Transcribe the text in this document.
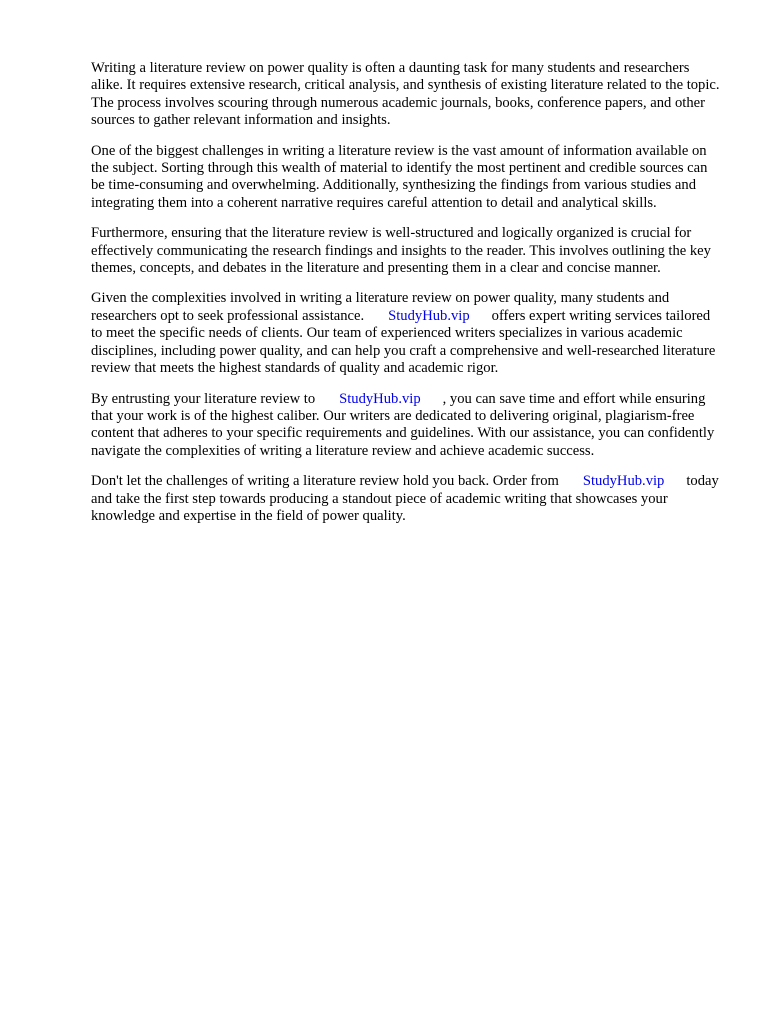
Writing a literature review on power quality is often a daunting task for many students and researchers alike. It requires extensive research, critical analysis, and synthesis of existing literature related to the topic. The process involves scouring through numerous academic journals, books, conference papers, and other sources to gather relevant information and insights.

One of the biggest challenges in writing a literature review is the vast amount of information available on the subject. Sorting through this wealth of material to identify the most pertinent and credible sources can be time-consuming and overwhelming. Additionally, synthesizing the findings from various studies and integrating them into a coherent narrative requires careful attention to detail and analytical skills.

Furthermore, ensuring that the literature review is well-structured and logically organized is crucial for effectively communicating the research findings and insights to the reader. This involves outlining the key themes, concepts, and debates in the literature and presenting them in a clear and concise manner.

Given the complexities involved in writing a literature review on power quality, many students and researchers opt to seek professional assistance. StudyHub.vip offers expert writing services tailored to meet the specific needs of clients. Our team of experienced writers specializes in various academic disciplines, including power quality, and can help you craft a comprehensive and well-researched literature review that meets the highest standards of quality and academic rigor.

By entrusting your literature review to StudyHub.vip , you can save time and effort while ensuring that your work is of the highest caliber. Our writers are dedicated to delivering original, plagiarism-free content that adheres to your specific requirements and guidelines. With our assistance, you can confidently navigate the complexities of writing a literature review and achieve academic success.

Don't let the challenges of writing a literature review hold you back. Order from StudyHub.vip today and take the first step towards producing a standout piece of academic writing that showcases your knowledge and expertise in the field of power quality.
